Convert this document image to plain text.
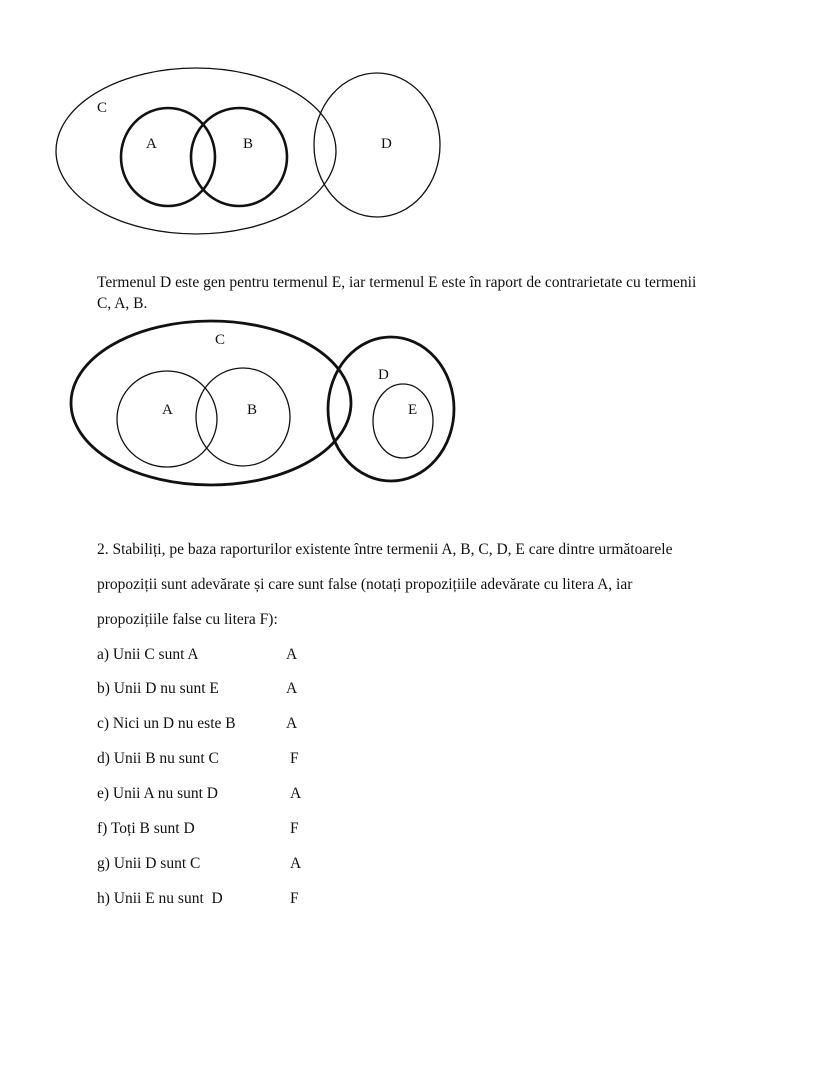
C
A	B	D

Termenul D este gen pentru termenul E, iar termenul E este în raport de contrarietate cu termenii

C, A, B.

C
A	B
D
E

2. Stabiliți, pe baza raporturilor existente între termenii A, B, C, D, E care dintre următoarele

propoziții sunt adevărate și care sunt false (notați propozițiile adevărate cu litera A, iar

propozițiile false cu litera F):

a) Unii C sunt A	A
b) Unii D nu sunt E	A
c) Nici un D nu este B	A
d) Unii B nu sunt C	F
e) Unii A nu sunt D	A
f) Toți B sunt D	F
g) Unii D sunt C	A
h) Unii E nu sunt  D	F
